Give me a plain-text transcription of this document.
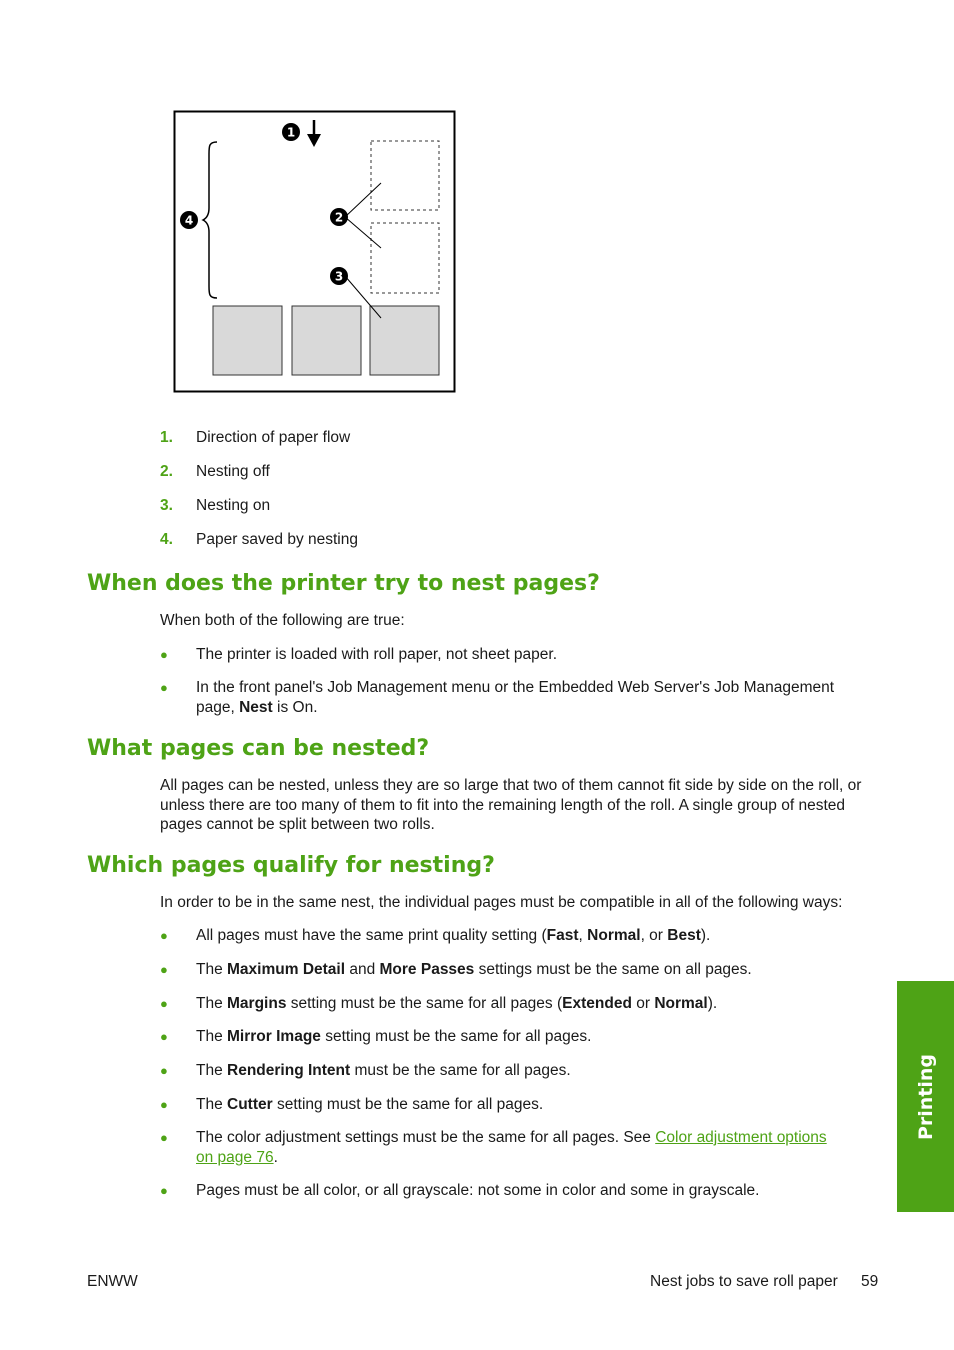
1
2
3
4
1. Direction of paper flow
2. Nesting off
3. Nesting on
4. Paper saved by nesting
When does the printer try to nest pages?

When both of the following are true:

● The printer is loaded with roll paper, not sheet paper.
● In the front panel's Job Management menu or the Embedded Web Server's Job Management page, Nest is On.
What pages can be nested?

All pages can be nested, unless they are so large that two of them cannot fit side by side on the roll, or unless there are too many of them to fit into the remaining length of the roll. A single group of nested pages cannot be split between two rolls.

Which pages qualify for nesting?

In order to be in the same nest, the individual pages must be compatible in all of the following ways:

● All pages must have the same print quality setting (Fast, Normal, or Best).
● The Maximum Detail and More Passes settings must be the same on all pages.
● The Margins setting must be the same for all pages (Extended or Normal).
● The Mirror Image setting must be the same for all pages.
● The Rendering Intent must be the same for all pages.
● The Cutter setting must be the same for all pages.
● The color adjustment settings must be the same for all pages. See Color adjustment options on page 76.
● Pages must be all color, or all grayscale: not some in color and some in grayscale.
Printing
ENWW	Nest jobs to save roll paper 59
